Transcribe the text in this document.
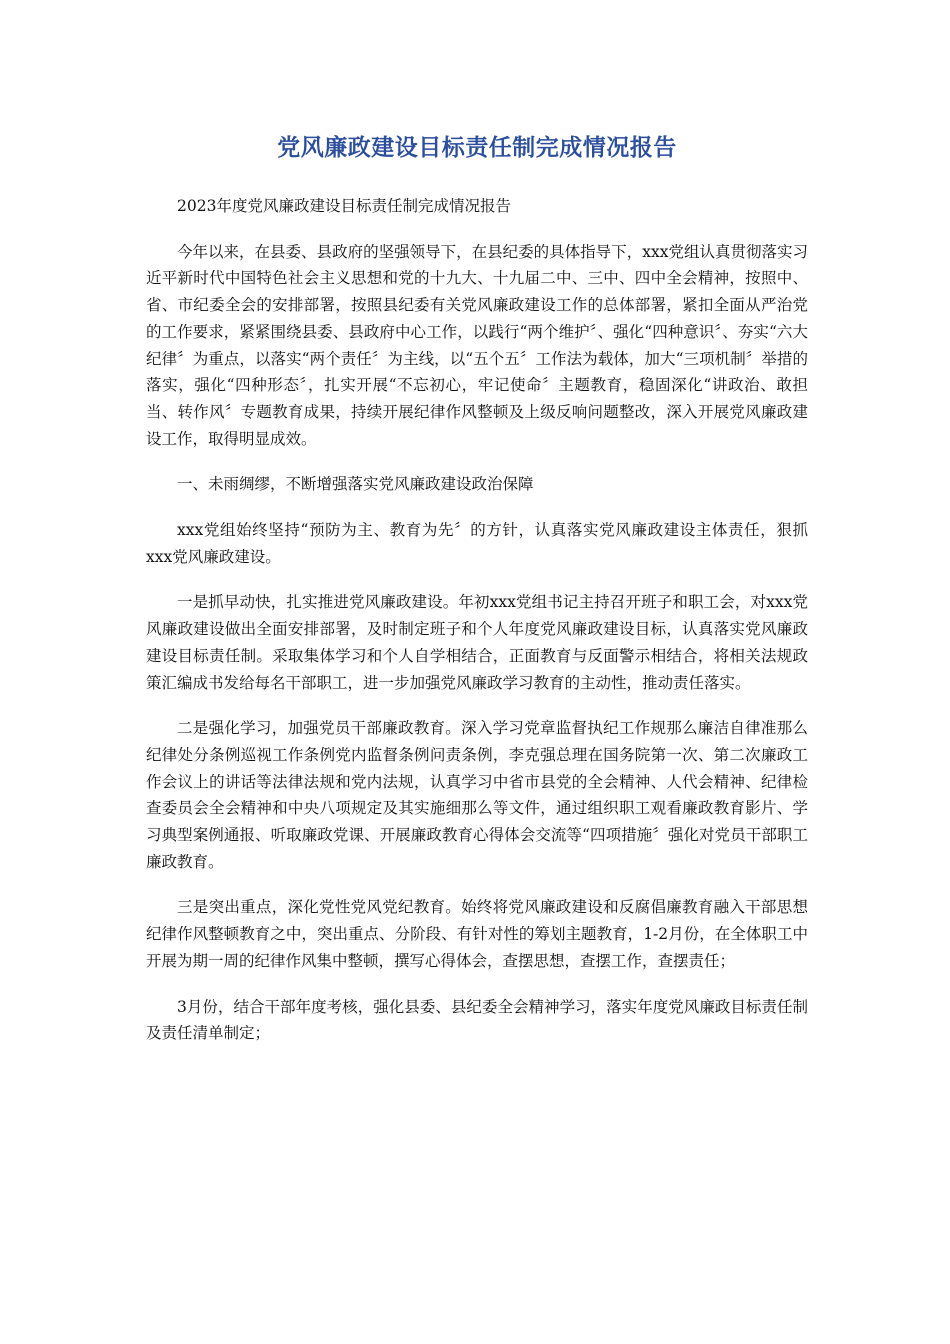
党风廉政建设目标责任制完成情况报告

2023年度党风廉政建设目标责任制完成情况报告

今年以来，在县委、县政府的坚强领导下，在县纪委的具体指导下，xxx党组认真贯彻落实习近平新时代中国特色社会主义思想和党的十九大、十九届二中、三中、四中全会精神，按照中、省、市纪委全会的安排部署，按照县纪委有关党风廉政建设工作的总体部署，紧扣全面从严治党的工作要求，紧紧围绕县委、县政府中心工作，以践行“两个维护〞、强化“四种意识〞、夯实“六大纪律〞为重点，以落实“两个责任〞为主线，以“五个五〞工作法为载体，加大“三项机制〞举措的落实，强化“四种形态〞，扎实开展“不忘初心，牢记使命〞主题教育，稳固深化“讲政治、敢担当、转作风〞专题教育成果，持续开展纪律作风整顿及上级反响问题整改，深入开展党风廉政建设工作，取得明显成效。

一、未雨绸缪，不断增强落实党风廉政建设政治保障

xxx党组始终坚持“预防为主、教育为先〞的方针，认真落实党风廉政建设主体责任，狠抓xxx党风廉政建设。

一是抓早动快，扎实推进党风廉政建设。年初xxx党组书记主持召开班子和职工会，对xxx党风廉政建设做出全面安排部署，及时制定班子和个人年度党风廉政建设目标，认真落实党风廉政建设目标责任制。采取集体学习和个人自学相结合，正面教育与反面警示相结合，将相关法规政策汇编成书发给每名干部职工，进一步加强党风廉政学习教育的主动性，推动责任落实。

二是强化学习，加强党员干部廉政教育。深入学习党章监督执纪工作规那么廉洁自律准那么纪律处分条例巡视工作条例党内监督条例问责条例，李克强总理在国务院第一次、第二次廉政工作会议上的讲话等法律法规和党内法规，认真学习中省市县党的全会精神、人代会精神、纪律检查委员会全会精神和中央八项规定及其实施细那么等文件，通过组织职工观看廉政教育影片、学习典型案例通报、听取廉政党课、开展廉政教育心得体会交流等“四项措施〞强化对党员干部职工廉政教育。

三是突出重点，深化党性党风党纪教育。始终将党风廉政建设和反腐倡廉教育融入干部思想纪律作风整顿教育之中，突出重点、分阶段、有针对性的筹划主题教育，1-2月份，在全体职工中开展为期一周的纪律作风集中整顿，撰写心得体会，查摆思想，查摆工作，查摆责任；

3月份，结合干部年度考核，强化县委、县纪委全会精神学习，落实年度党风廉政目标责任制及责任清单制定；
